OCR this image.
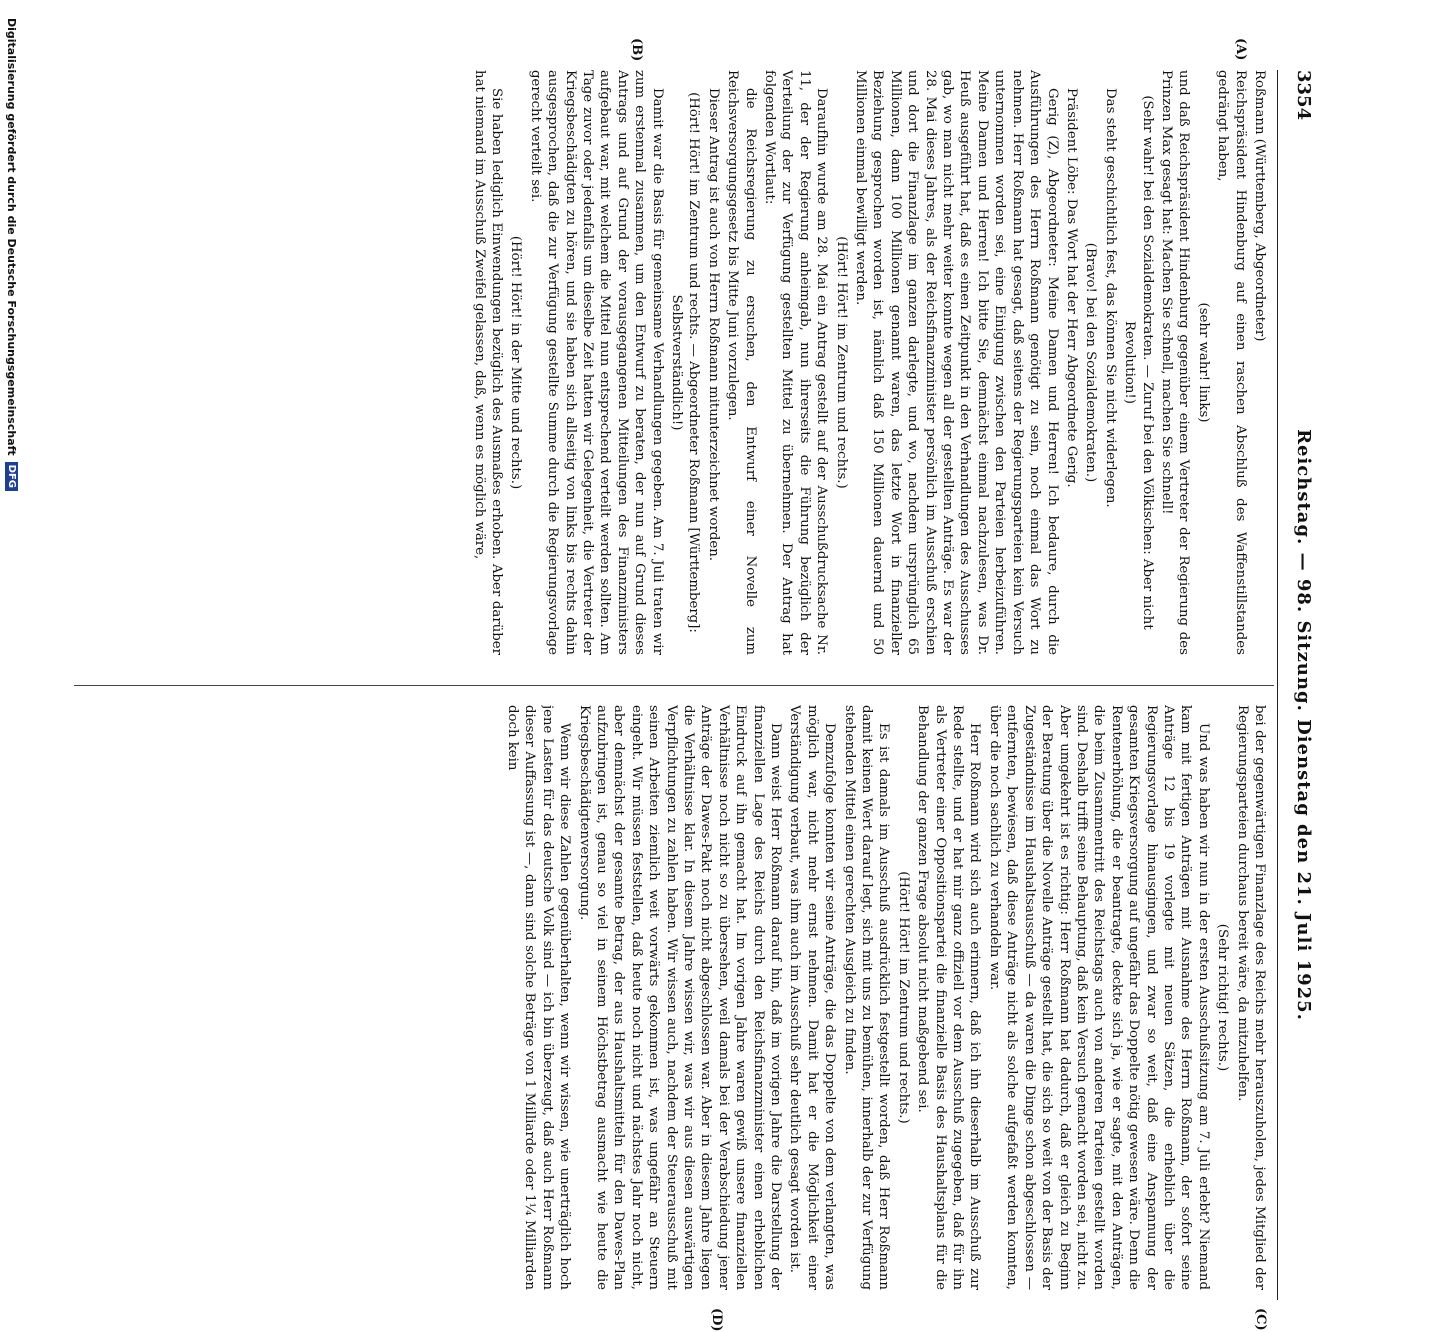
3354
Reichstag. — 98. Sitzung. Dienstag den 21. Juli 1925.
(A)
(B)
(C)
(D)

Roßmann (Württemberg, Abgeordneter)

Reichspräsident Hindenburg auf einen raschen Abschluß des Waffenstillstandes gedrängt haben,

(sehr wahr! links)

und daß Reichspräsident Hindenburg gegenüber einem Vertreter der Regierung des Prinzen Max gesagt hat: Machen Sie schnell, machen Sie schnell!

(Sehr wahr! bei den Sozialdemokraten. — Zuruf bei den Völkischen: Aber nicht Revolution!)

Das steht geschichtlich fest, das können Sie nicht widerlegen.

(Bravo! bei den Sozialdemokraten.)

Präsident Löbe: Das Wort hat der Herr Abgeordnete Gerig.

Gerig (Z), Abgeordneter: Meine Damen und Herren! Ich bedaure, durch die Ausführungen des Herrn Roßmann genötigt zu sein, noch einmal das Wort zu nehmen. Herr Roßmann hat gesagt, daß seitens der Regierungsparteien kein Versuch unternommen worden sei, eine Einigung zwischen den Parteien herbeizuführen. Meine Damen und Herren! Ich bitte Sie, demnächst einmal nachzulesen, was Dr. Heuß ausgeführt hat, daß es einen Zeitpunkt in den Verhandlungen des Ausschusses gab, wo man nicht mehr weiter konnte wegen all der gestellten Anträge. Es war der 28. Mai dieses Jahres, als der Reichsfinanzminister persönlich im Ausschuß erschien und dort die Finanzlage im ganzen darlegte, und wo, nachdem ursprünglich 65 Millionen, dann 100 Millionen genannt waren, das letzte Wort in finanzieller Beziehung gesprochen worden ist, nämlich daß 150 Millionen dauernd und 50 Millionen einmal bewilligt werden.

(Hört! Hört! im Zentrum und rechts.)

Daraufhin wurde am 28. Mai ein Antrag gestellt auf der Ausschußdrucksache Nr. 11, der der Regierung anheimgab, nun ihrerseits die Führung bezüglich der Verteilung der zur Verfügung gestellten Mittel zu übernehmen. Der Antrag hat folgenden Wortlaut:

die Reichsregierung zu ersuchen, den Entwurf einer Novelle zum Reichsversorgungsgesetz bis Mitte Juni vorzulegen.

Dieser Antrag ist auch von Herrn Roßmann mitunterzeichnet worden.

(Hört! Hört! im Zentrum und rechts. — Abgeordneter Roßmann [Württemberg]: Selbstverständlich!)

Damit war die Basis für gemeinsame Verhandlungen gegeben. Am 7. Juli traten wir zum erstenmal zusammen, um den Entwurf zu beraten, der nun auf Grund dieses Antrags und auf Grund der vorausgegangenen Mitteilungen des Finanzministers aufgebaut war, mit welchem die Mittel nun entsprechend verteilt werden sollten. Am Tage zuvor oder jedenfalls um dieselbe Zeit hatten wir Gelegenheit, die Vertreter der Kriegsbeschädigten zu hören, und sie haben sich allseitig von links bis rechts dahin ausgesprochen, daß die zur Verfügung gestellte Summe durch die Regierungsvorlage gerecht verteilt sei.

(Hört! Hört! in der Mitte und rechts.)

Sie haben lediglich Einwendungen bezüglich des Ausmaßes erhoben. Aber darüber hat niemand im Ausschuß Zweifel gelassen, daß, wenn es möglich wäre,

bei der gegenwärtigen Finanzlage des Reichs mehr herauszuholen, jedes Mitglied der Regierungsparteien durchaus bereit wäre, da mitzuhelfen.

(Sehr richtig! rechts.)

Und was haben wir nun in der ersten Ausschußsitzung am 7. Juli erlebt? Niemand kam mit fertigen Anträgen mit Ausnahme des Herrn Roßmann, der sofort seine Anträge 12 bis 19 vorlegte mit neuen Sätzen, die erheblich über die Regierungsvorlage hinausgingen, und zwar so weit, daß eine Anspannung der gesamten Kriegsversorgung auf ungefähr das Doppelte nötig gewesen wäre. Denn die Rentenerhöhung, die er beantragte, deckte sich ja, wie er sagte, mit den Anträgen, die beim Zusammentritt des Reichstags auch von anderen Parteien gestellt worden sind. Deshalb trifft seine Behauptung, daß kein Versuch gemacht worden sei, nicht zu. Aber umgekehrt ist es richtig: Herr Roßmann hat dadurch, daß er gleich zu Beginn der Beratung über die Novelle Anträge gestellt hat, die sich so weit von der Basis der Zugeständnisse im Haushaltsausschuß — da waren die Dinge schon abgeschlossen — entfernten, bewiesen, daß diese Anträge nicht als solche aufgefaßt werden konnten, über die noch sachlich zu verhandeln war.

Herr Roßmann wird sich auch erinnern, daß ich ihn dieserhalb im Ausschuß zur Rede stellte, und er hat mir ganz offiziell vor dem Ausschuß zugegeben, daß für ihn als Vertreter einer Oppositionspartei die finanzielle Basis des Haushaltsplans für die Behandlung der ganzen Frage absolut nicht maßgebend sei.

(Hört! Hört! im Zentrum und rechts.)

Es ist damals im Ausschuß ausdrücklich festgestellt worden, daß Herr Roßmann damit keinen Wert darauf legt, sich mit uns zu bemühen, innerhalb der zur Verfügung stehenden Mittel einen gerechten Ausgleich zu finden.

Demzufolge konnten wir seine Anträge, die das Doppelte von dem verlangten, was möglich war, nicht mehr ernst nehmen. Damit hat er die Möglichkeit einer Verständigung verbaut, was ihm auch im Ausschuß sehr deutlich gesagt worden ist.

Dann weist Herr Roßmann darauf hin, daß im vorigen Jahre die Darstellung der finanziellen Lage des Reichs durch den Reichsfinanzminister einen erheblichen Eindruck auf ihn gemacht hat. Im vorigen Jahre waren gewiß unsere finanziellen Verhältnisse noch nicht so zu übersehen, weil damals bei der Verabschiedung jener Anträge der Dawes-Pakt noch nicht abgeschlossen war. Aber in diesem Jahre liegen die Verhältnisse klar. In diesem Jahre wissen wir, was wir aus diesen auswärtigen Verpflichtungen zu zahlen haben. Wir wissen auch, nachdem der Steuerausschuß mit seinen Arbeiten ziemlich weit vorwärts gekommen ist, was ungefähr an Steuern eingeht. Wir müssen feststellen, daß heute noch nicht und nächstes Jahr noch nicht, aber demnächst der gesamte Betrag, der aus Haushaltsmitteln für den Dawes-Plan aufzubringen ist, genau so viel in seinem Höchstbetrag ausmacht wie heute die Kriegsbeschädigtenversorgung.

Wenn wir diese Zahlen gegenüberhalten, wenn wir wissen, wie unerträglich hoch jene Lasten für das deutsche Volk sind — ich bin überzeugt, daß auch Herr Roßmann dieser Auffassung ist —, dann sind solche Beträge von 1 Milliarde oder 1¼ Milliarden doch kein

Digitalisierung gefördert durch die Deutsche Forschungsgemeinschaft
DFG
